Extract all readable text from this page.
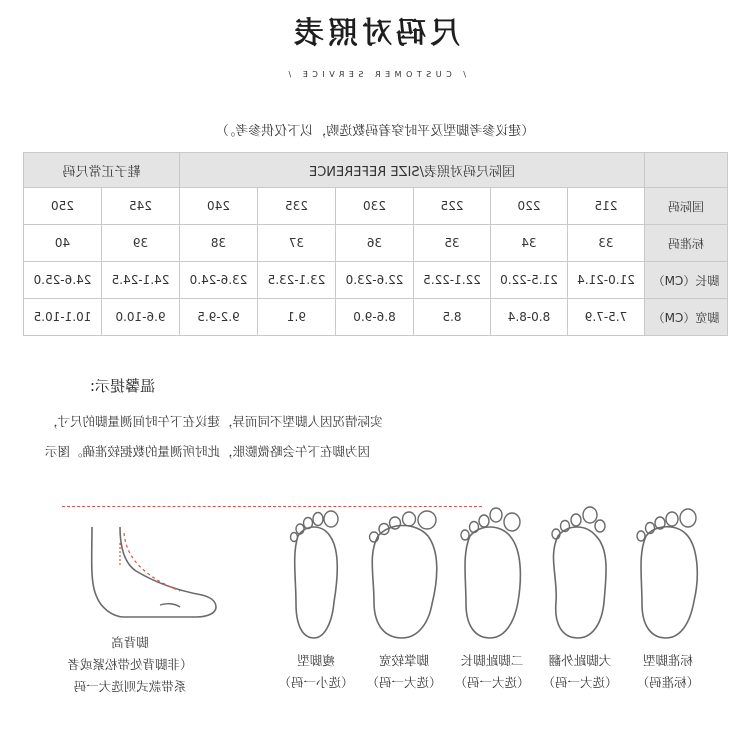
尺码对照表
/ CUSTOMER SERVICE /
（建议参考脚型及平时穿着码数选购，以下仅供参考。）
	国际尺码对照表/SIZE REFERENCE						鞋子正常尺码	
国际码	215	220	225	230	235	240	245	250
标准码	33	34	35	36	37	38	39	40
脚长（CM）	21.0-21.4	21.5-22.0	22.1-22.5	22.6-23.0	23.1-23.5	23.6-24.0	24.1-24.5	24.6-25.0
脚宽（CM）	7.5-7.9	8.0-8.4	8.5	8.6-9.0	9.1	9.2-9.5	9.6-10.0	10.1-10.5
温馨提示:
实际情况因人脚型不同而异，建议在下午时间测量脚的尺寸，
因为脚在下午会略微膨胀，此时所测量的数据较准确。图示
标准脚型
（标准码）
大脚趾外翻
（选大一码）
二脚趾脚长
（选大一码）
脚掌较宽
（选大一码）
瘦脚型
（选小一码）
脚背高
（非脚背处带松紧或者
系带款式则选大一码
